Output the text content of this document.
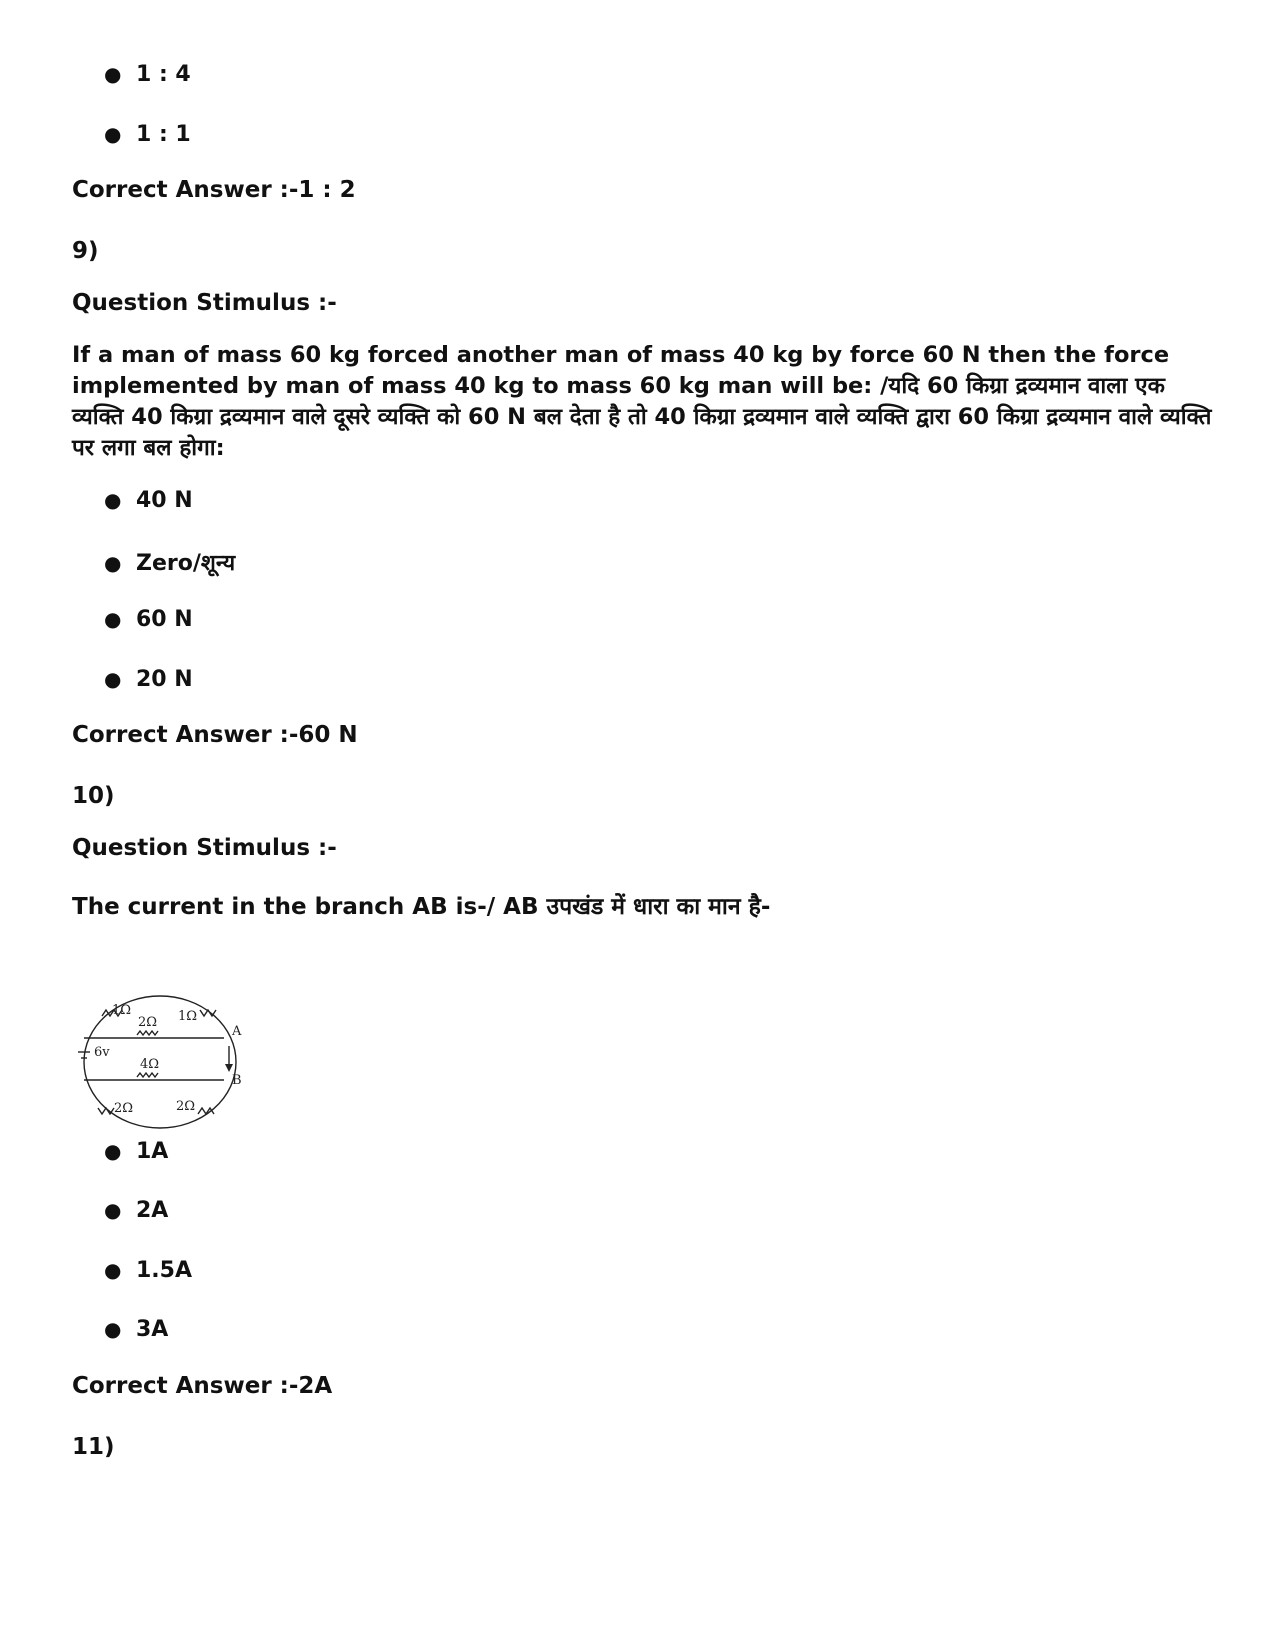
● 1 : 4
● 1 : 1
Correct Answer :-1 : 2
9)
Question Stimulus :-
If a man of mass 60 kg forced another man of mass 40 kg by force 60 N then the force implemented by man of mass 40 kg to mass 60 kg man will be: /यदि 60 किग्रा द्रव्यमान वाला एक व्यक्ति 40 किग्रा द्रव्यमान वाले दूसरे व्यक्ति को 60 N बल देता है तो 40 किग्रा द्रव्यमान वाले व्यक्ति द्वारा 60 किग्रा द्रव्यमान वाले व्यक्ति पर लगा बल होगा:
● 40 N
● Zero/शून्य
● 60 N
● 20 N
Correct Answer :-60 N
10)
Question Stimulus :-
The current in the branch AB is-/ AB उपखंड में धारा का मान है-
1Ω
2Ω 1Ω
4Ω
2Ω	2Ω
6v
A
B
● 1A
● 2A
● 1.5A
● 3A
Correct Answer :-2A
11)
